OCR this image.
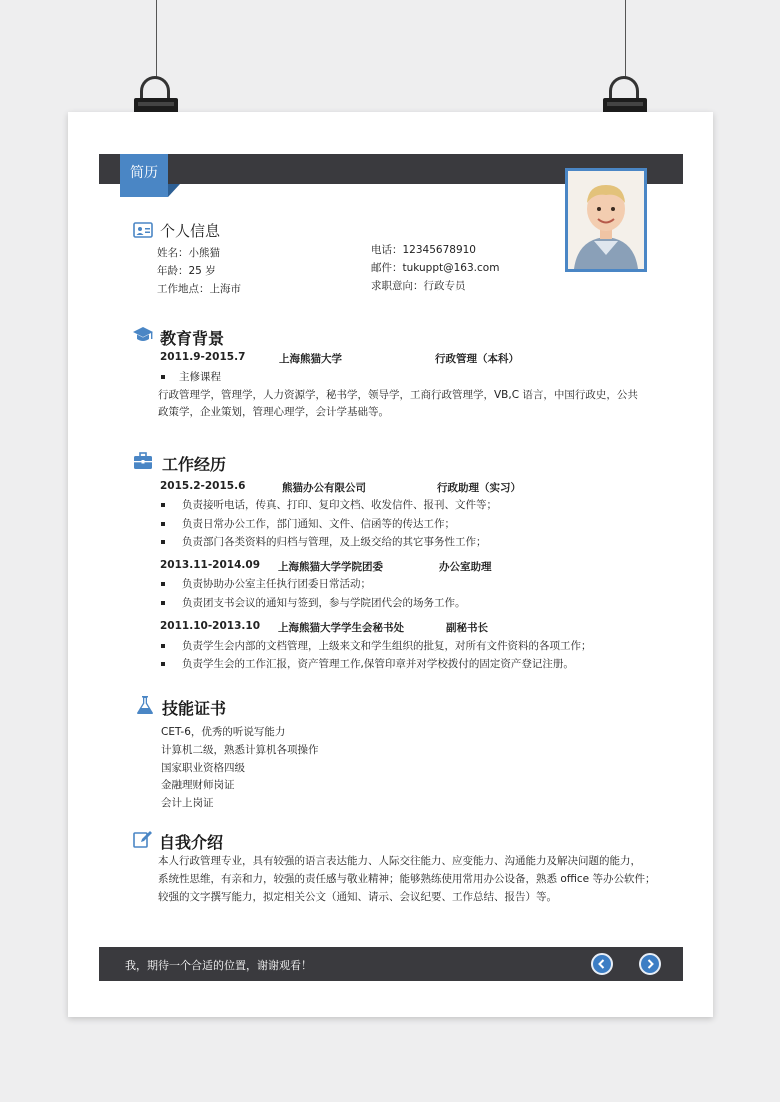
简历
个人信息
姓名：小熊猫
年龄：25 岁
工作地点：上海市
电话：12345678910
邮件：tukuppt@163.com
求职意向：行政专员
教育背景
2011.9-2015.7	上海熊猫大学	行政管理（本科）
主修课程
行政管理学，管理学，人力资源学，秘书学，领导学，工商行政管理学，VB,C 语言，中国行政史，公共
政策学，企业策划，管理心理学，会计学基础等。
工作经历
2015.2-2015.6	熊猫办公有限公司	行政助理（实习）
负责接听电话，传真、打印、复印文档、收发信件、报刊、文件等；
负责日常办公工作，部门通知、文件、信函等的传达工作；
负责部门各类资料的归档与管理，及上级交给的其它事务性工作；
2013.11-2014.09 上海熊猫大学学院团委	办公室助理
负责协助办公室主任执行团委日常活动；
负责团支书会议的通知与签到，参与学院团代会的场务工作。
2011.10-2013.10 上海熊猫大学学生会秘书处	副秘书长
负责学生会内部的文档管理，上级来文和学生组织的批复，对所有文件资料的各项工作；
负责学生会的工作汇报，资产管理工作,保管印章并对学校拨付的固定资产登记注册。
技能证书
CET-6，优秀的听说写能力
计算机二级，熟悉计算机各项操作
国家职业资格四级
金融理财师岗证
会计上岗证
自我介绍
本人行政管理专业，具有较强的语言表达能力、人际交往能力、应变能力、沟通能力及解决问题的能力，
系统性思维，有亲和力，较强的责任感与敬业精神；能够熟练使用常用办公设备，熟悉 office 等办公软件；
较强的文字撰写能力，拟定相关公文（通知、请示、会议纪要、工作总结、报告）等。
我，期待一个合适的位置，谢谢观看！
